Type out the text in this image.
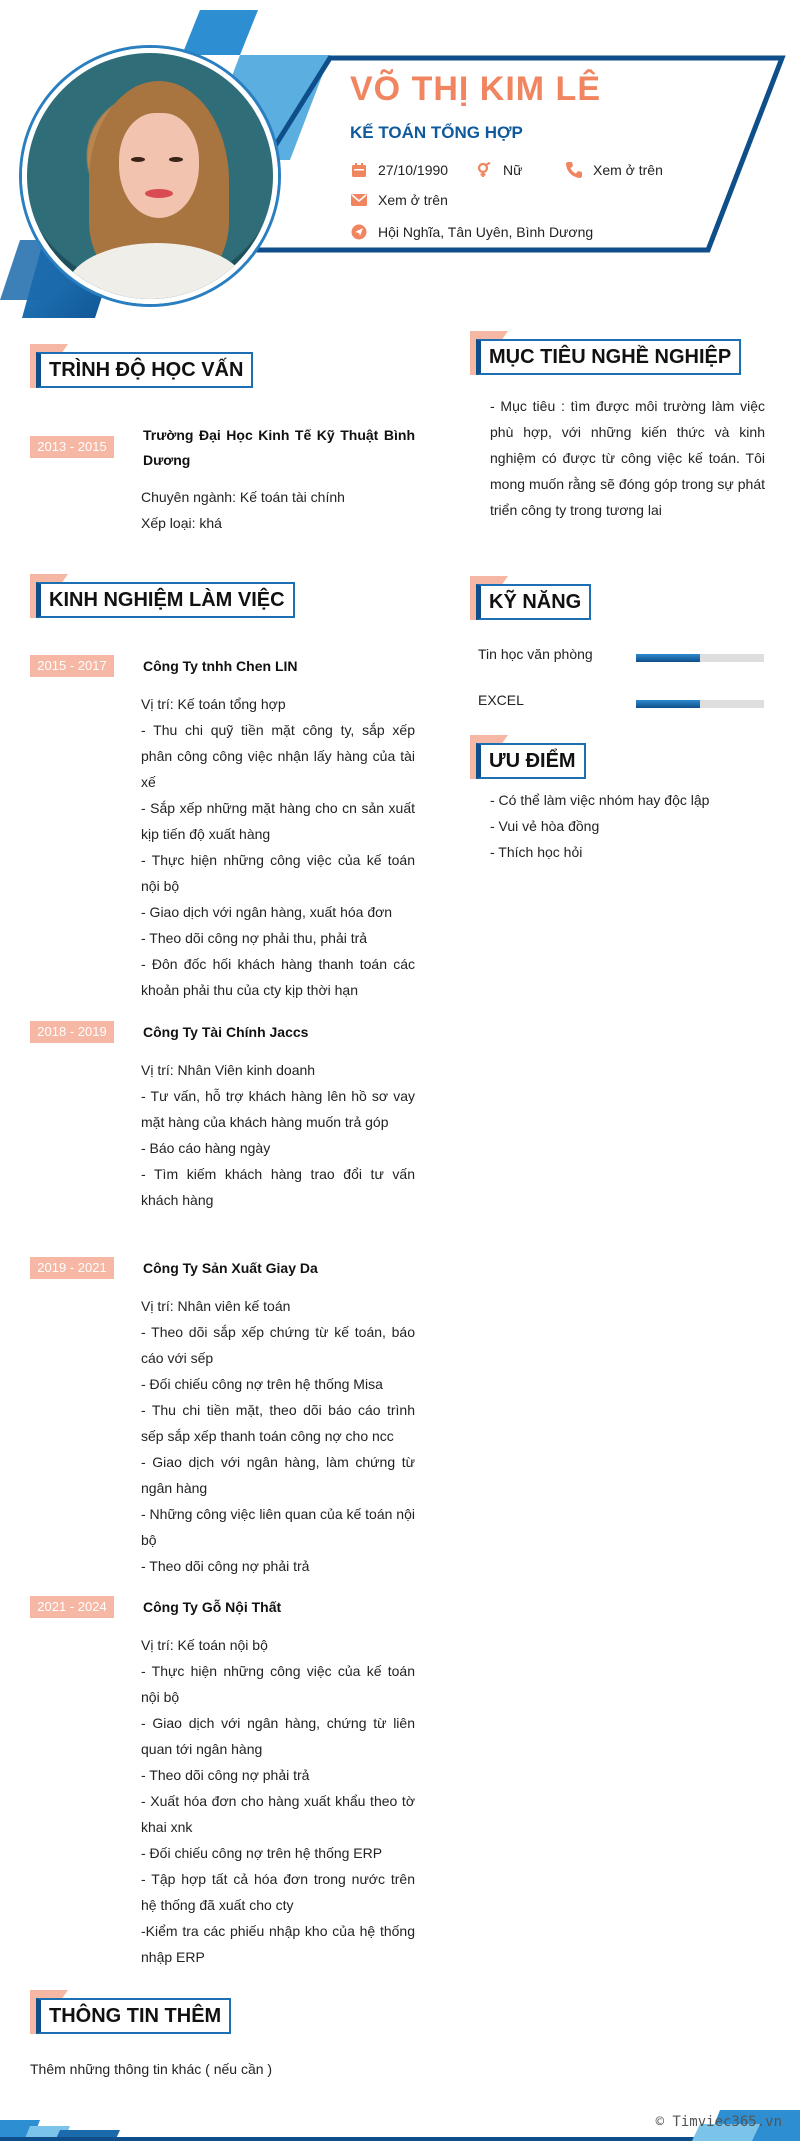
VÕ THỊ KIM LÊ
KẾ TOÁN TỔNG HỢP
27/10/1990	Nữ	Xem ở trên
Xem ở trên
Hội Nghĩa, Tân Uyên, Bình Dương
TRÌNH ĐỘ HỌC VẤN
2013 - 2015
Trường Đại Học Kinh Tế Kỹ Thuật Bình Dương
Chuyên ngành: Kế toán tài chính
Xếp loại: khá
MỤC TIÊU NGHỀ NGHIỆP
- Mục tiêu : tìm được môi trường làm việc phù hợp, với những kiến thức và kinh nghiệm có được từ công việc kế toán. Tôi mong muốn rằng sẽ đóng góp trong sự phát triển công ty trong tương lai
KINH NGHIỆM LÀM VIỆC
2015 - 2017	Công Ty tnhh Chen LIN
Vị trí: Kế toán tổng hợp
- Thu chi quỹ tiền mặt công ty, sắp xếp phân công công việc nhận lấy hàng của tài xế
- Sắp xếp những mặt hàng cho cn sản xuất kịp tiến độ xuất hàng
- Thực hiện những công việc của kế toán nội bộ
- Giao dịch với ngân hàng, xuất hóa đơn
- Theo dõi công nợ phải thu, phải trả
- Đôn đốc hối khách hàng thanh toán các khoản phải thu của cty kịp thời hạn
2018 - 2019	Công Ty Tài Chính Jaccs
Vị trí: Nhân Viên kinh doanh
- Tư vấn, hỗ trợ khách hàng lên hồ sơ vay mặt hàng của khách hàng muốn trả góp
- Báo cáo hàng ngày
- Tìm kiếm khách hàng trao đổi tư vấn khách hàng
2019 - 2021	Công Ty Sản Xuất Giay Da
Vị trí: Nhân viên kế toán
- Theo dõi sắp xếp chứng từ kế toán, báo cáo với sếp
- Đối chiếu công nợ trên hệ thống Misa
- Thu chi tiền mặt, theo dõi báo cáo trình sếp sắp xếp thanh toán công nợ cho ncc
- Giao dịch với ngân hàng, làm chứng từ ngân hàng
- Những công việc liên quan của kế toán nội bộ
- Theo dõi công nợ phải trả
2021 - 2024	Công Ty Gỗ Nội Thất
Vị trí: Kế toán nội bộ
- Thực hiện những công việc của kế toán nội bộ
- Giao dịch với ngân hàng, chứng từ liên quan tới ngân hàng
- Theo dõi công nợ phải trả
- Xuất hóa đơn cho hàng xuất khẩu theo tờ khai xnk
- Đối chiếu công nợ trên hệ thống ERP
- Tập hợp tất cả hóa đơn trong nước trên hệ thống đã xuất cho cty
-Kiểm tra các phiếu nhập kho của hệ thống nhập ERP
KỸ NĂNG
Tin học văn phòng
EXCEL
ƯU ĐIỂM
- Có thể làm việc nhóm hay độc lập
- Vui vẻ hòa đồng
- Thích học hỏi
THÔNG TIN THÊM
Thêm những thông tin khác ( nếu cần )
© Timviec365.vn
